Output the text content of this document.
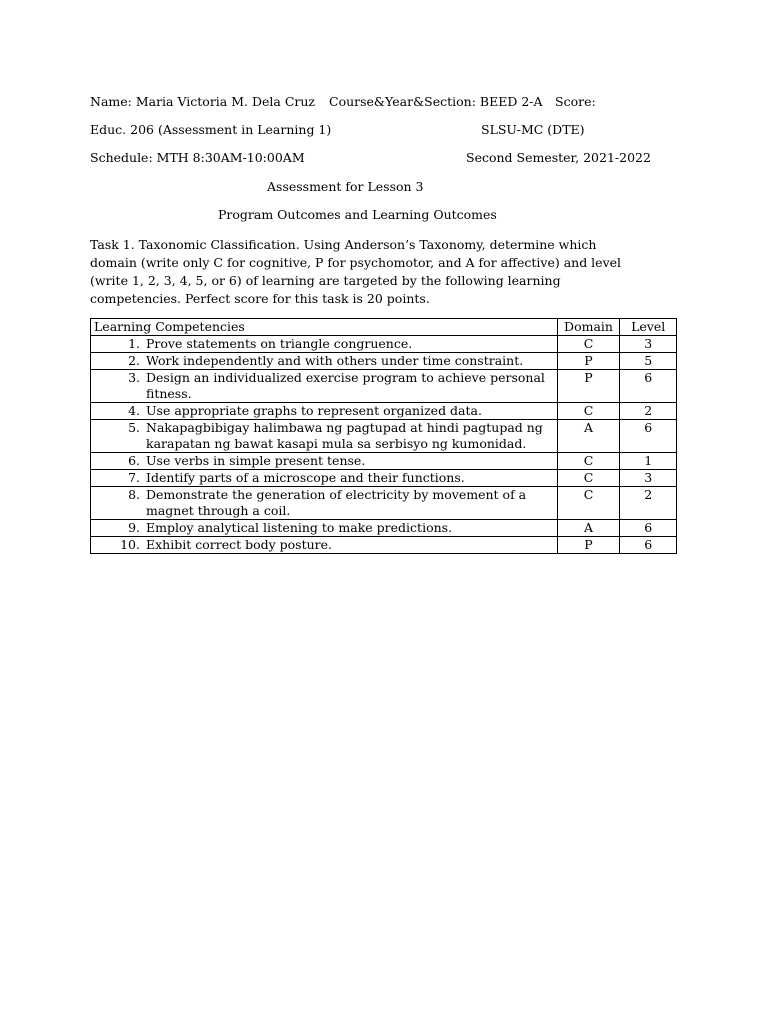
Name: Maria Victoria M. Dela Cruz Course&Year&Section: BEED 2-A Score:
Educ. 206 (Assessment in Learning 1)	SLSU-MC (DTE)
Schedule: MTH 8:30AM-10:00AM	Second Semester, 2021-2022
Assessment for Lesson 3
Program Outcomes and Learning Outcomes
Task 1. Taxonomic Classification. Using Anderson’s Taxonomy, determine which domain (write only C for cognitive, P for psychomotor, and A for affective) and level (write 1, 2, 3, 4, 5, or 6) of learning are targeted by the following learning competencies. Perfect score for this task is 20 points.
Learning Competencies	Domain	Level

1. Prove statements on triangle congruence.	C	3

2. Work independently and with others under time constraint.	P	5

3. Design an individualized exercise program to achieve personal fitness.	P	6

4. Use appropriate graphs to represent organized data.	C	2

5. Nakapagbibigay halimbawa ng pagtupad at hindi pagtupad ng karapatan ng bawat kasapi mula sa serbisyo ng kumonidad.	A	6

6. Use verbs in simple present tense.	C	1

7. Identify parts of a microscope and their functions.	C	3

8. Demonstrate the generation of electricity by movement of a magnet through a coil.	C	2

9. Employ analytical listening to make predictions.	A	6

10. Exhibit correct body posture.	P	6
